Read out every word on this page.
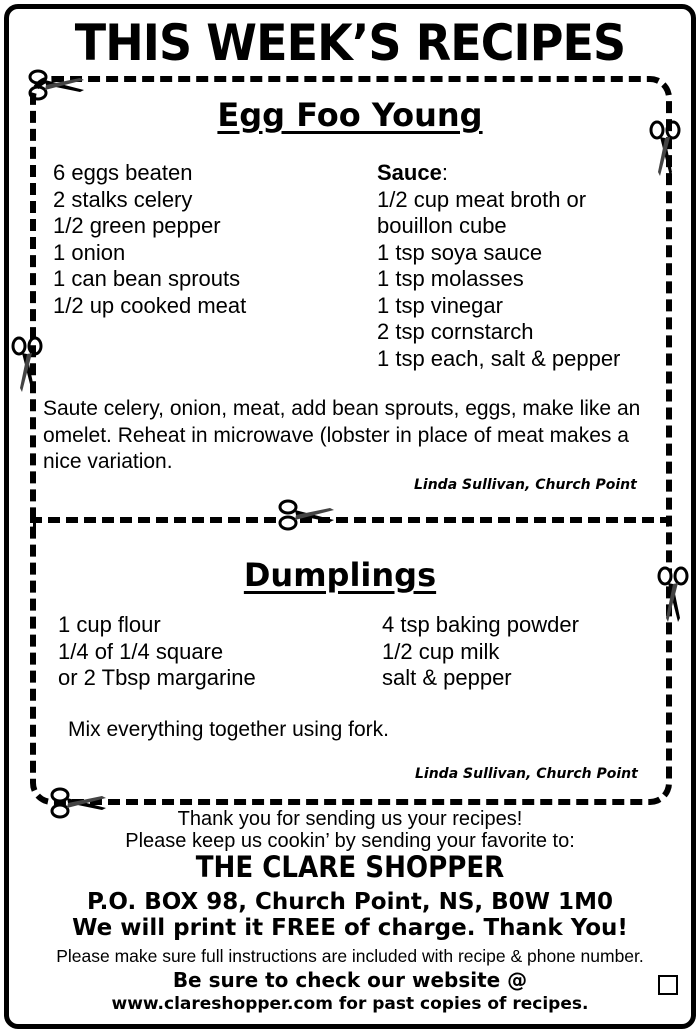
THIS WEEK’S RECIPES
Egg Foo Young
6 eggs beaten
2 stalks celery
1/2 green pepper
1 onion
1 can bean sprouts
1/2 up cooked meat
Sauce:
1/2 cup meat broth or
bouillon cube
1 tsp soya sauce
1 tsp molasses
1 tsp vinegar
2 tsp cornstarch
1 tsp each, salt & pepper
Saute celery, onion, meat, add bean sprouts, eggs, make like an omelet. Reheat in microwave (lobster in place of meat makes a nice variation.
Linda Sullivan, Church Point
Dumplings
1 cup flour
1/4 of 1/4 square
or 2 Tbsp margarine
4 tsp baking powder
1/2 cup milk
salt & pepper
Mix everything together using fork.
Linda Sullivan, Church Point
Thank you for sending us your recipes!
Please keep us cookin’ by sending your favorite to:
THE CLARE SHOPPER
P.O. BOX 98, Church Point, NS, B0W 1M0
We will print it FREE of charge. Thank You!
Please make sure full instructions are included with recipe & phone number.
Be sure to check our website @
www.clareshopper.com for past copies of recipes.
